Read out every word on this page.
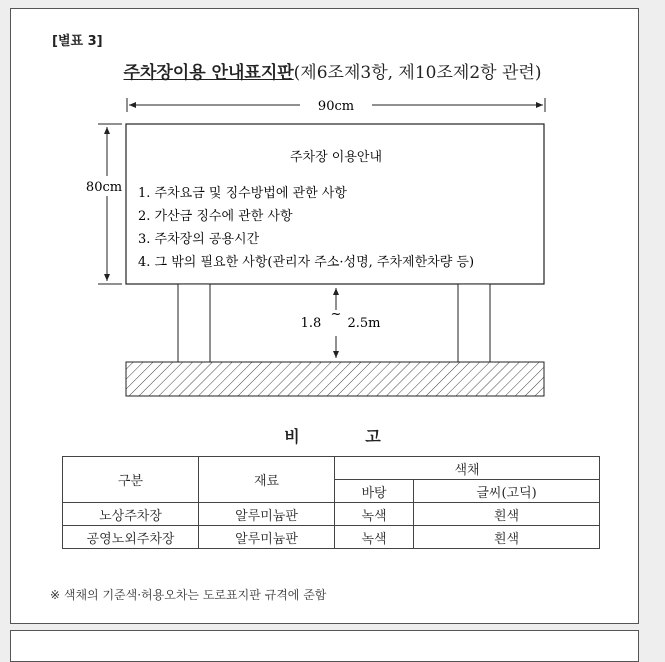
[별표 3]
주차장이용 안내표지판(제6조제3항, 제10조제2항 관련)
90cm
80cm
주차장 이용안내
1. 주차요금 및 징수방법에 관한 사항
2. 가산금 징수에 관한 사항
3. 주차장의 공용시간
4. 그 밖의 필요한 사항(관리자 주소·성명, 주차제한차량 등)
1.8
~
2.5m
비 고
구분	재료	색채	
		바탕	글씨(고딕)
노상주차장	알루미늄판	녹색	흰색
공영노외주차장	알루미늄판	녹색	흰색
※ 색채의 기준색·허용오차는 도로표지판 규격에 준함
